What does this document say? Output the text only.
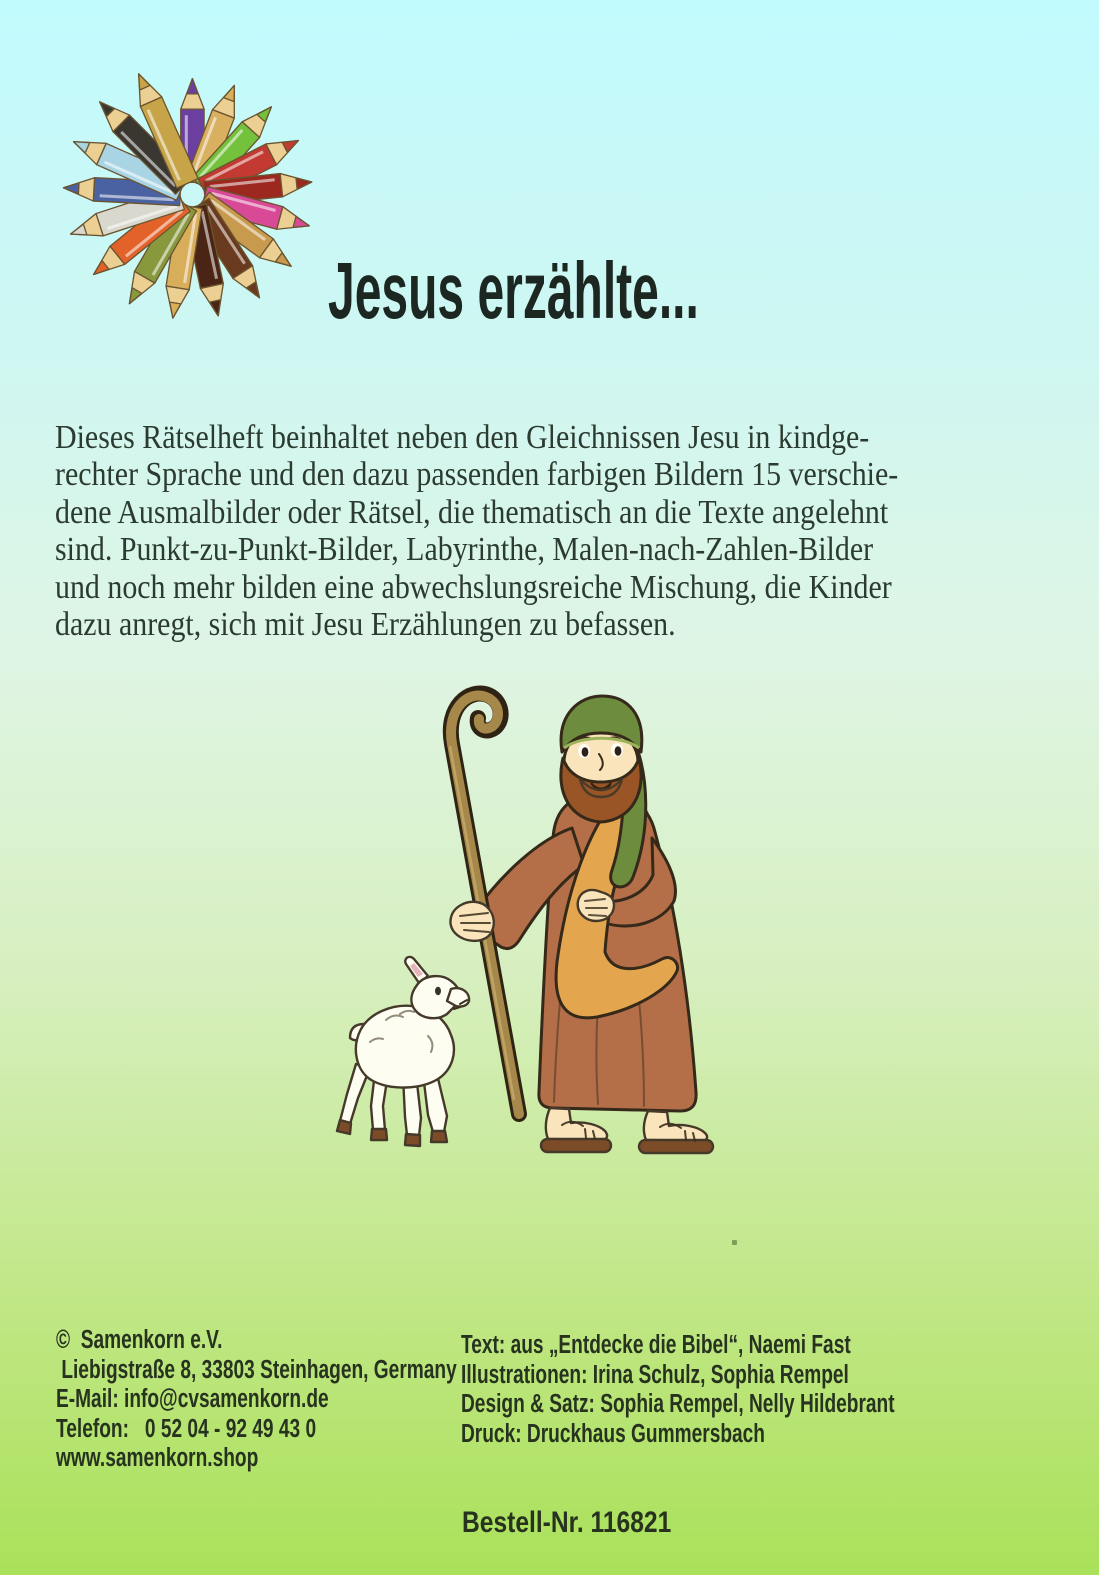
Jesus erzählte...
Dieses Rätselheft beinhaltet neben den Gleichnissen Jesu in kindge-
rechter Sprache und den dazu passenden farbigen Bildern 15 verschie-
dene Ausmalbilder oder Rätsel, die thematisch an die Texte angelehnt
sind. Punkt-zu-Punkt-Bilder, Labyrinthe, Malen-nach-Zahlen-Bilder
und noch mehr bilden eine abwechslungsreiche Mischung, die Kinder
dazu anregt, sich mit Jesu Erzählungen zu befassen.
©  Samenkorn e.V.
Liebigstraße 8, 33803 Steinhagen, Germany
E-Mail: info@cvsamenkorn.de
Telefon:   0 52 04 - 92 49 43 0
www.samenkorn.shop
Text: aus „Entdecke die Bibel“, Naemi Fast
Illustrationen: Irina Schulz, Sophia Rempel
Design & Satz: Sophia Rempel, Nelly Hildebrant
Druck: Druckhaus Gummersbach
Bestell-Nr. 116821
